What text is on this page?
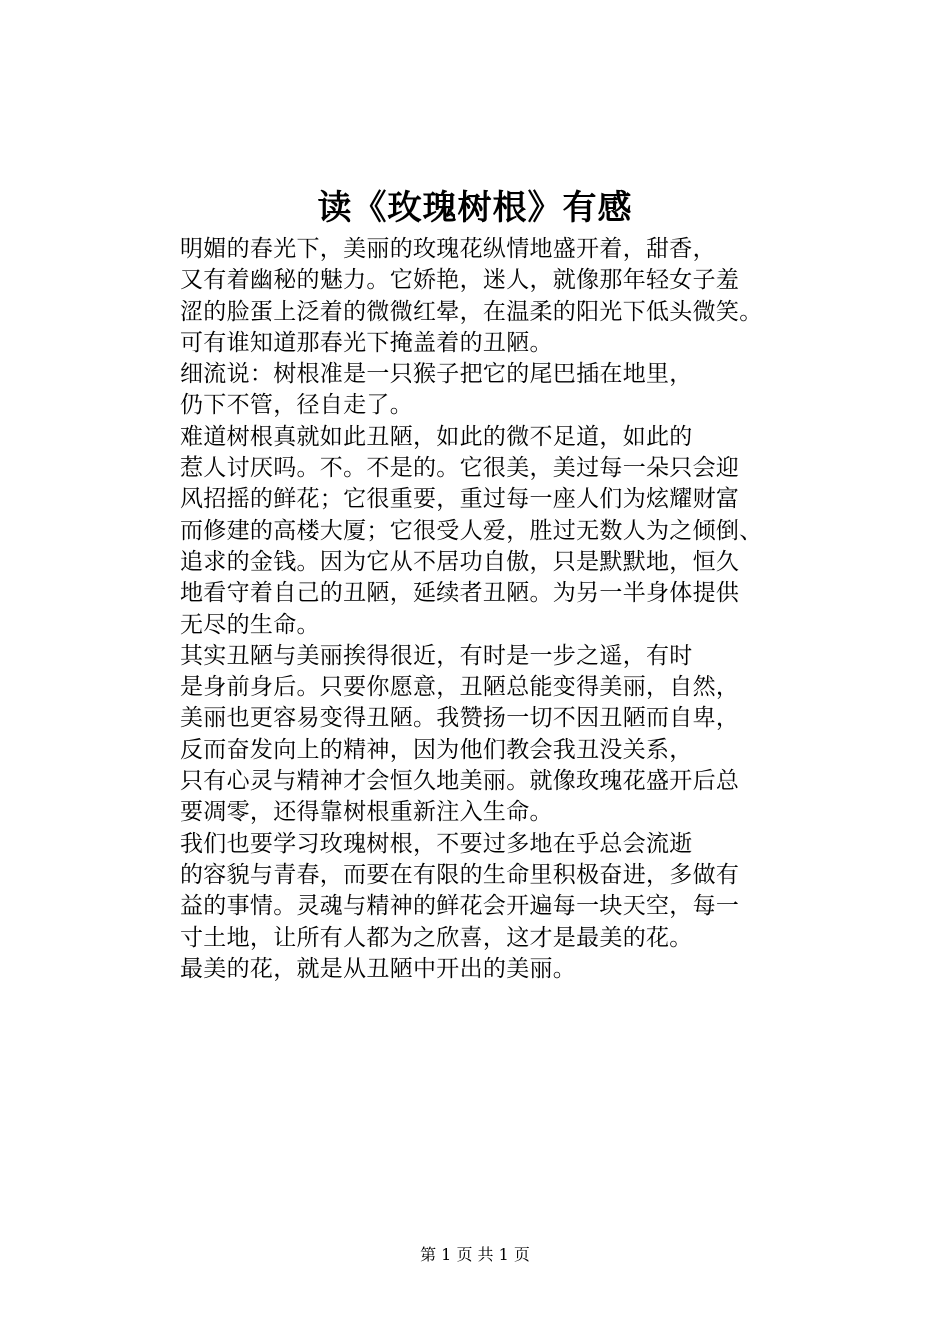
读《玫瑰树根》有感
明媚的春光下，美丽的玫瑰花纵情地盛开着，甜香，
又有着幽秘的魅力。它娇艳，迷人，就像那年轻女子羞
涩的脸蛋上泛着的微微红晕，在温柔的阳光下低头微笑。
可有谁知道那春光下掩盖着的丑陋。
细流说：树根准是一只猴子把它的尾巴插在地里，
仍下不管，径自走了。
难道树根真就如此丑陋，如此的微不足道，如此的
惹人讨厌吗。不。不是的。它很美，美过每一朵只会迎
风招摇的鲜花；它很重要，重过每一座人们为炫耀财富
而修建的高楼大厦；它很受人爱，胜过无数人为之倾倒、
追求的金钱。因为它从不居功自傲，只是默默地，恒久
地看守着自己的丑陋，延续者丑陋。为另一半身体提供
无尽的生命。
其实丑陋与美丽挨得很近，有时是一步之遥，有时
是身前身后。只要你愿意，丑陋总能变得美丽，自然，
美丽也更容易变得丑陋。我赞扬一切不因丑陋而自卑，
反而奋发向上的精神，因为他们教会我丑没关系，
只有心灵与精神才会恒久地美丽。就像玫瑰花盛开后总
要凋零，还得靠树根重新注入生命。
我们也要学习玫瑰树根，不要过多地在乎总会流逝
的容貌与青春，而要在有限的生命里积极奋进，多做有
益的事情。灵魂与精神的鲜花会开遍每一块天空，每一
寸土地，让所有人都为之欣喜，这才是最美的花。
最美的花，就是从丑陋中开出的美丽。
第 1 页 共 1 页
